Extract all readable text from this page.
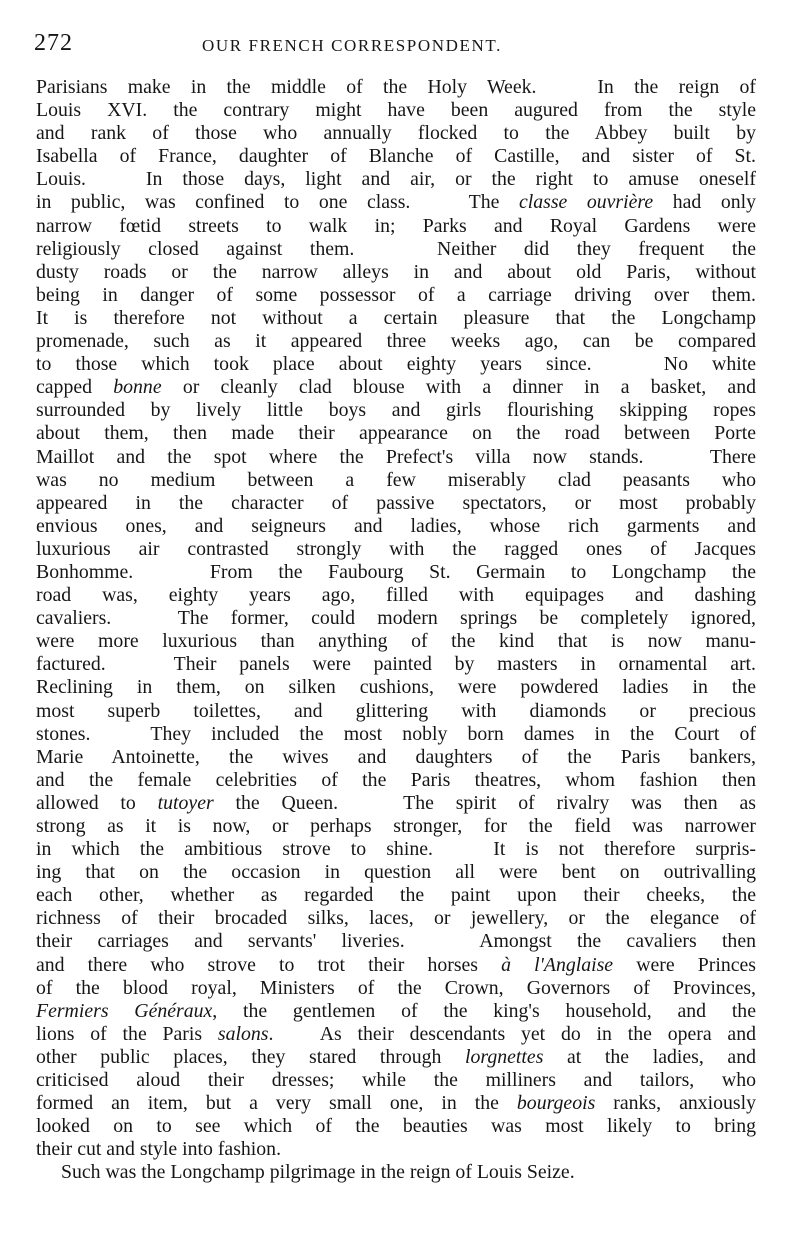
272	OUR FRENCH CORRESPONDENT.
Parisians make in the middle of the Holy Week.   In the reign of
Louis XVI. the contrary might have been augured from the style
and rank of those who annually flocked to the Abbey built by
Isabella of France, daughter of Blanche of Castille, and sister of St.
Louis.   In those days, light and air, or the right to amuse oneself
in public, was confined to one class.   The classe ouvrière had only
narrow fœtid streets to walk in; Parks and Royal Gardens were
religiously closed against them.   Neither did they frequent the
dusty roads or the narrow alleys in and about old Paris, without
being in danger of some possessor of a carriage driving over them.
It is therefore not without a certain pleasure that the Longchamp
promenade, such as it appeared three weeks ago, can be compared
to those which took place about eighty years since.   No white
capped bonne or cleanly clad blouse with a dinner in a basket, and
surrounded by lively little boys and girls flourishing skipping ropes
about them, then made their appearance on the road between Porte
Maillot and the spot where the Prefect's villa now stands.   There
was no medium between a few miserably clad peasants who
appeared in the character of passive spectators, or most probably
envious ones, and seigneurs and ladies, whose rich garments and
luxurious air contrasted strongly with the ragged ones of Jacques
Bonhomme.   From the Faubourg St. Germain to Longchamp the
road was, eighty years ago, filled with equipages and dashing
cavaliers.   The former, could modern springs be completely ignored,
were more luxurious than anything of the kind that is now manu-
factured.   Their panels were painted by masters in ornamental art.
Reclining in them, on silken cushions, were powdered ladies in the
most superb toilettes, and glittering with diamonds or precious
stones.   They included the most nobly born dames in the Court of
Marie Antoinette, the wives and daughters of the Paris bankers,
and the female celebrities of the Paris theatres, whom fashion then
allowed to tutoyer the Queen.   The spirit of rivalry was then as
strong as it is now, or perhaps stronger, for the field was narrower
in which the ambitious strove to shine.   It is not therefore surpris-
ing that on the occasion in question all were bent on outrivalling
each other, whether as regarded the paint upon their cheeks, the
richness of their brocaded silks, laces, or jewellery, or the elegance of
their carriages and servants' liveries.   Amongst the cavaliers then
and there who strove to trot their horses à l'Anglaise were Princes
of the blood royal, Ministers of the Crown, Governors of Provinces,
Fermiers Généraux, the gentlemen of the king's household, and the
lions of the Paris salons.   As their descendants yet do in the opera and
other public places, they stared through lorgnettes at the ladies, and
criticised aloud their dresses; while the milliners and tailors, who
formed an item, but a very small one, in the bourgeois ranks, anxiously
looked on to see which of the beauties was most likely to bring
their cut and style into fashion.
Such was the Longchamp pilgrimage in the reign of Louis Seize.
